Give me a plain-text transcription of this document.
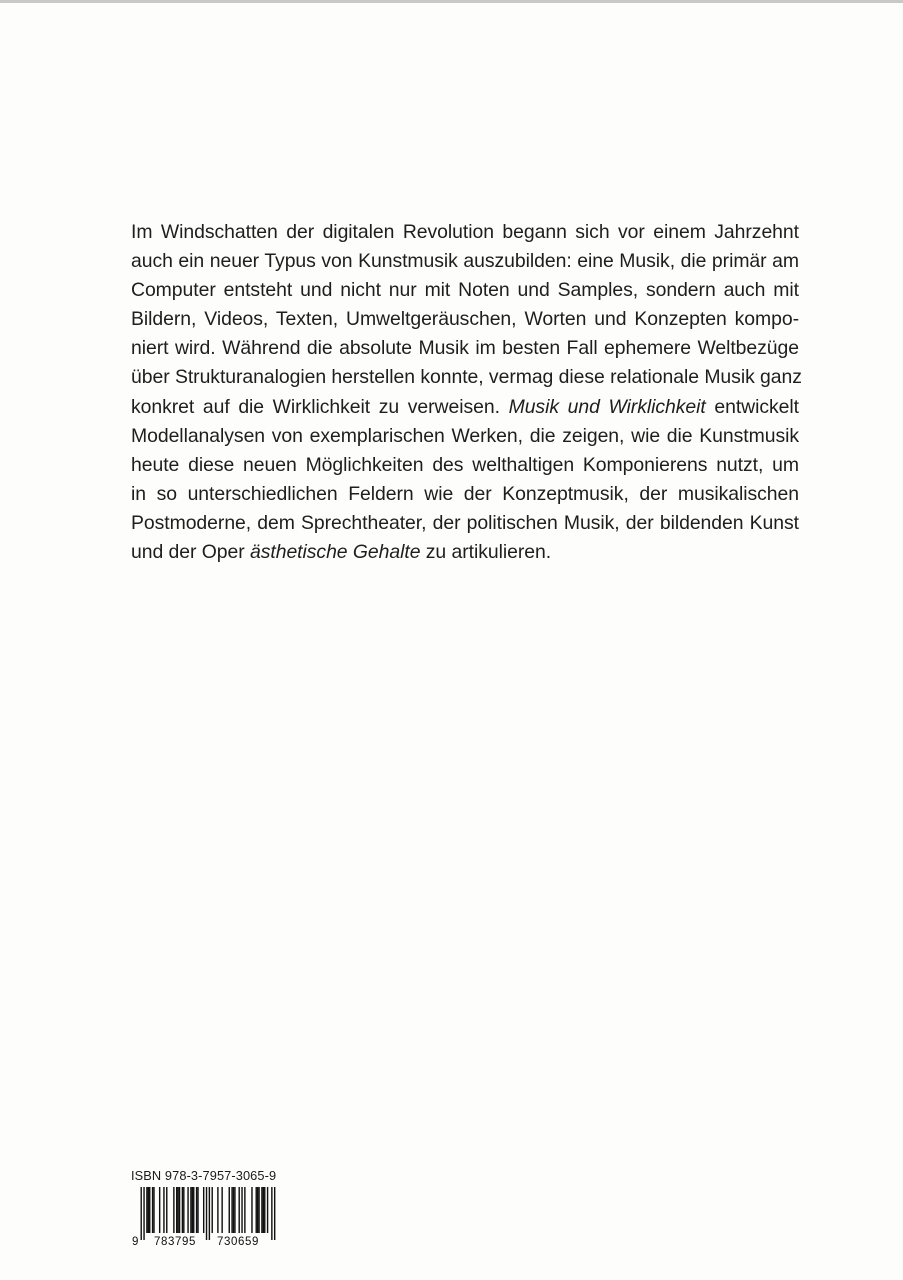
Im Windschatten der digitalen Revolution begann sich vor einem Jahrzehnt
auch ein neuer Typus von Kunstmusik auszubilden: eine Musik, die primär am
Computer entsteht und nicht nur mit Noten und Samples, sondern auch mit
Bildern, Videos, Texten, Umweltgeräuschen, Worten und Konzepten kompo-
niert wird. Während die absolute Musik im besten Fall ephemere Weltbezüge
über Strukturanalogien herstellen konnte, vermag diese relationale Musik ganz
konkret auf die Wirklichkeit zu verweisen. Musik und Wirklichkeit entwickelt
Modellanalysen von exemplarischen Werken, die zeigen, wie die Kunstmusik
heute diese neuen Möglichkeiten des welthaltigen Komponierens nutzt, um
in so unterschiedlichen Feldern wie der Konzeptmusik, der musikalischen
Postmoderne, dem Sprechtheater, der politischen Musik, der bildenden Kunst
und der Oper ästhetische Gehalte zu artikulieren.
ISBN 978-3-7957-3065-9
9 783795 730659
